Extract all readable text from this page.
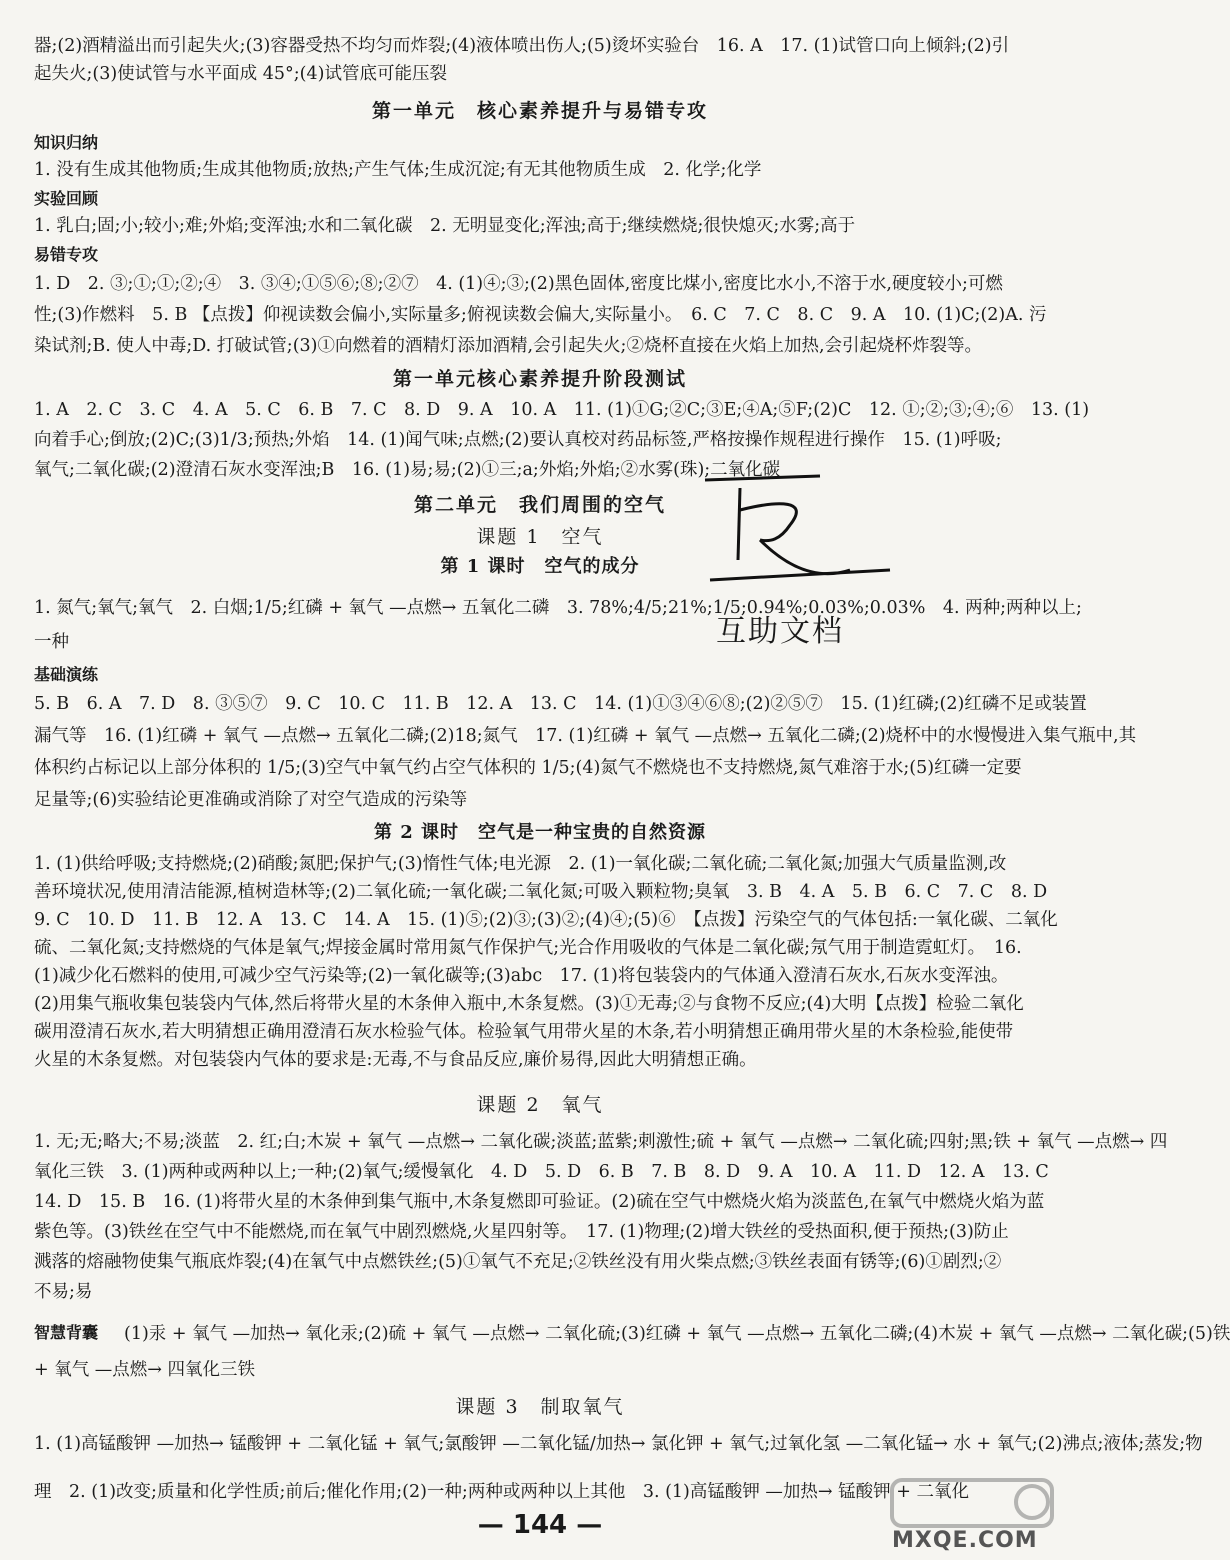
器;(2)酒精溢出而引起失火;(3)容器受热不均匀而炸裂;(4)液体喷出伤人;(5)烫坏实验台　16. A　17. (1)试管口向上倾斜;(2)引
起失火;(3)使试管与水平面成 45°;(4)试管底可能压裂
第一单元　核心素养提升与易错专攻
知识归纳
1. 没有生成其他物质;生成其他物质;放热;产生气体;生成沉淀;有无其他物质生成　2. 化学;化学
实验回顾
1. 乳白;固;小;较小;难;外焰;变浑浊;水和二氧化碳　2. 无明显变化;浑浊;高于;继续燃烧;很快熄灭;水雾;高于
易错专攻
1. D　2. ③;①;①;②;④　3. ③④;①⑤⑥;⑧;②⑦　4. (1)④;③;(2)黑色固体,密度比煤小,密度比水小,不溶于水,硬度较小;可燃
性;(3)作燃料　5. B 【点拨】仰视读数会偏小,实际量多;俯视读数会偏大,实际量小。　6. C　7. C　8. C　9. A　10. (1)C;(2)A. 污
染试剂;B. 使人中毒;D. 打破试管;(3)①向燃着的酒精灯添加酒精,会引起失火;②烧杯直接在火焰上加热,会引起烧杯炸裂等。
第一单元核心素养提升阶段测试
1. A　2. C　3. C　4. A　5. C　6. B　7. C　8. D　9. A　10. A　11. (1)①G;②C;③E;④A;⑤F;(2)C　12. ①;②;③;④;⑥　13. (1)
向着手心;倒放;(2)C;(3)1/3;预热;外焰　14. (1)闻气味;点燃;(2)要认真校对药品标签,严格按操作规程进行操作　15. (1)呼吸;
氧气;二氧化碳;(2)澄清石灰水变浑浊;B　16. (1)易;易;(2)①三;a;外焰;外焰;②水雾(珠);二氧化碳
第二单元　我们周围的空气
课题 1　空气
第 1 课时　空气的成分
1. 氮气;氧气;氧气　2. 白烟;1/5;红磷 + 氧气 —点燃→ 五氧化二磷　3. 78%;4/5;21%;1/5;0.94%;0.03%;0.03%　4. 两种;两种以上;
一种
基础演练
5. B　6. A　7. D　8. ③⑤⑦　9. C　10. C　11. B　12. A　13. C　14. (1)①③④⑥⑧;(2)②⑤⑦　15. (1)红磷;(2)红磷不足或装置
漏气等　16. (1)红磷 + 氧气 —点燃→ 五氧化二磷;(2)18;氮气　17. (1)红磷 + 氧气 —点燃→ 五氧化二磷;(2)烧杯中的水慢慢进入集气瓶中,其
体积约占标记以上部分体积的 1/5;(3)空气中氧气约占空气体积的 1/5;(4)氮气不燃烧也不支持燃烧,氮气难溶于水;(5)红磷一定要
足量等;(6)实验结论更准确或消除了对空气造成的污染等
第 2 课时　空气是一种宝贵的自然资源
1. (1)供给呼吸;支持燃烧;(2)硝酸;氮肥;保护气;(3)惰性气体;电光源　2. (1)一氧化碳;二氧化硫;二氧化氮;加强大气质量监测,改
善环境状况,使用清洁能源,植树造林等;(2)二氧化硫;一氧化碳;二氧化氮;可吸入颗粒物;臭氧　3. B　4. A　5. B　6. C　7. C　8. D
9. C　10. D　11. B　12. A　13. C　14. A　15. (1)⑤;(2)③;(3)②;(4)④;(5)⑥　【点拨】污染空气的气体包括:一氧化碳、二氧化
硫、二氧化氮;支持燃烧的气体是氧气;焊接金属时常用氮气作保护气;光合作用吸收的气体是二氧化碳;氖气用于制造霓虹灯。　16.
(1)减少化石燃料的使用,可减少空气污染等;(2)一氧化碳等;(3)abc　17. (1)将包装袋内的气体通入澄清石灰水,石灰水变浑浊。
(2)用集气瓶收集包装袋内气体,然后将带火星的木条伸入瓶中,木条复燃。(3)①无毒;②与食物不反应;(4)大明【点拨】检验二氧化
碳用澄清石灰水,若大明猜想正确用澄清石灰水检验气体。检验氧气用带火星的木条,若小明猜想正确用带火星的木条检验,能使带
火星的木条复燃。对包装袋内气体的要求是:无毒,不与食品反应,廉价易得,因此大明猜想正确。
课题 2　氧气
1. 无;无;略大;不易;淡蓝　2. 红;白;木炭 + 氧气 —点燃→ 二氧化碳;淡蓝;蓝紫;刺激性;硫 + 氧气 —点燃→ 二氧化硫;四射;黑;铁 + 氧气 —点燃→ 四
氧化三铁　3. (1)两种或两种以上;一种;(2)氧气;缓慢氧化　4. D　5. D　6. B　7. B　8. D　9. A　10. A　11. D　12. A　13. C
14. D　15. B　16. (1)将带火星的木条伸到集气瓶中,木条复燃即可验证。(2)硫在空气中燃烧火焰为淡蓝色,在氧气中燃烧火焰为蓝
紫色等。(3)铁丝在空气中不能燃烧,而在氧气中剧烈燃烧,火星四射等。　17. (1)物理;(2)增大铁丝的受热面积,便于预热;(3)防止
溅落的熔融物使集气瓶底炸裂;(4)在氧气中点燃铁丝;(5)①氧气不充足;②铁丝没有用火柴点燃;③铁丝表面有锈等;(6)①剧烈;②
不易;易
智慧背囊 (1)汞 + 氧气 —加热→ 氧化汞;(2)硫 + 氧气 —点燃→ 二氧化硫;(3)红磷 + 氧气 —点燃→ 五氧化二磷;(4)木炭 + 氧气 —点燃→ 二氧化碳;(5)铁
+ 氧气 —点燃→ 四氧化三铁
课题 3　制取氧气
1. (1)高锰酸钾 —加热→ 锰酸钾 + 二氧化锰 + 氧气;氯酸钾 —二氧化锰/加热→ 氯化钾 + 氧气;过氧化氢 —二氧化锰→ 水 + 氧气;(2)沸点;液体;蒸发;物
理　2. (1)改变;质量和化学性质;前后;催化作用;(2)一种;两种或两种以上其他　3. (1)高锰酸钾 —加热→ 锰酸钾 + 二氧化
互助文档
MXQE.COM
— 144 —
